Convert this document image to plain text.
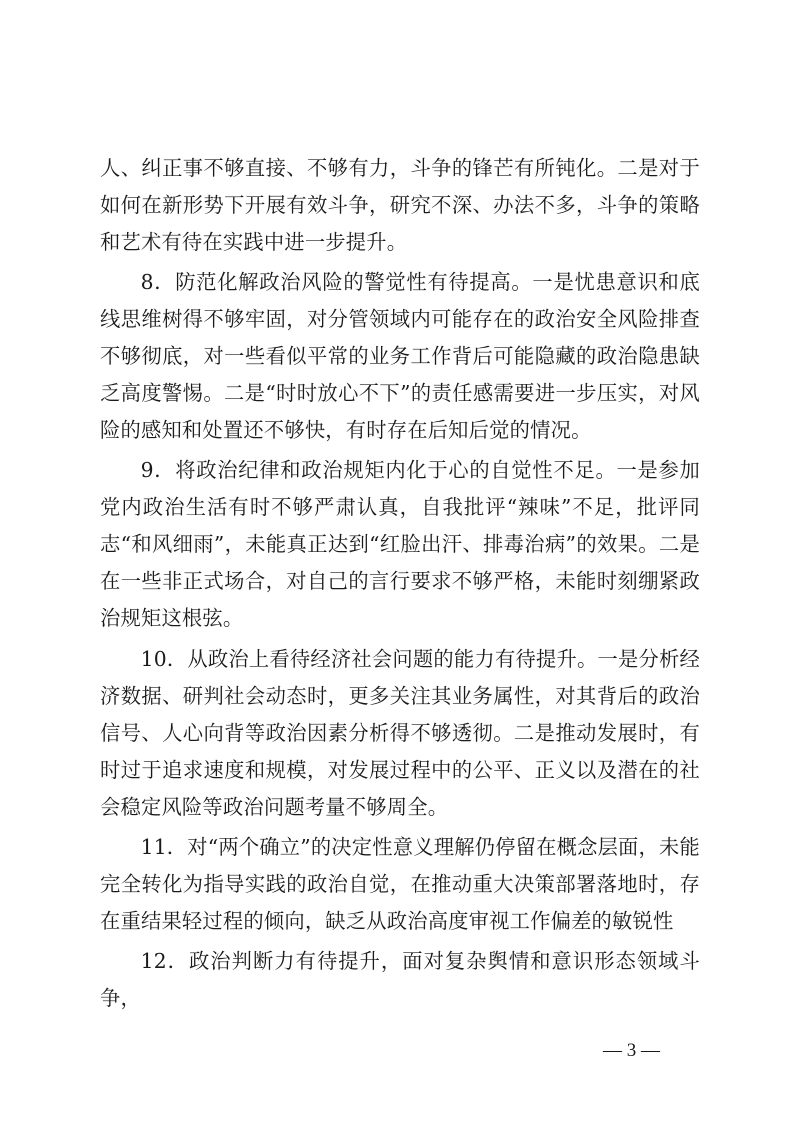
人、纠正事不够直接、不够有力，斗争的锋芒有所钝化。二是对于如何在新形势下开展有效斗争，研究不深、办法不多，斗争的策略和艺术有待在实践中进一步提升。

8．防范化解政治风险的警觉性有待提高。一是忧患意识和底线思维树得不够牢固，对分管领域内可能存在的政治安全风险排查不够彻底，对一些看似平常的业务工作背后可能隐藏的政治隐患缺乏高度警惕。二是“时时放心不下”的责任感需要进一步压实，对风险的感知和处置还不够快，有时存在后知后觉的情况。

9．将政治纪律和政治规矩内化于心的自觉性不足。一是参加党内政治生活有时不够严肃认真，自我批评“辣味”不足，批评同志“和风细雨”，未能真正达到“红脸出汗、排毒治病”的效果。二是在一些非正式场合，对自己的言行要求不够严格，未能时刻绷紧政治规矩这根弦。

10．从政治上看待经济社会问题的能力有待提升。一是分析经济数据、研判社会动态时，更多关注其业务属性，对其背后的政治信号、人心向背等政治因素分析得不够透彻。二是推动发展时，有时过于追求速度和规模，对发展过程中的公平、正义以及潜在的社会稳定风险等政治问题考量不够周全。

11．对“两个确立”的决定性意义理解仍停留在概念层面，未能完全转化为指导实践的政治自觉，在推动重大决策部署落地时，存在重结果轻过程的倾向，缺乏从政治高度审视工作偏差的敏锐性

12．政治判断力有待提升，面对复杂舆情和意识形态领域斗争，

— 3 —
